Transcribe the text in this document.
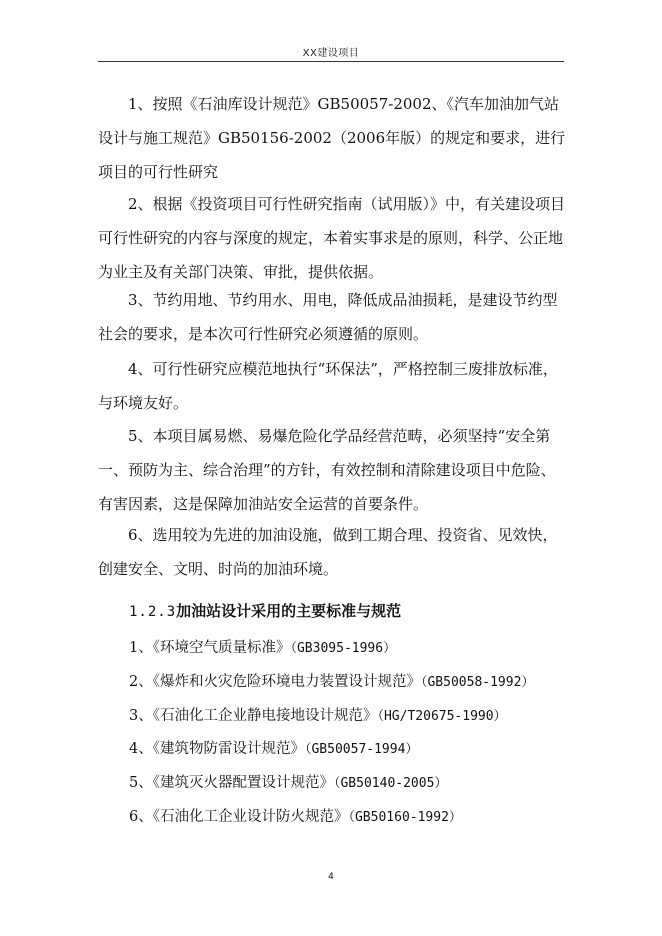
XX建设项目

1、按照《石油库设计规范》GB50057-2002、《汽车加油加气站设计与施工规范》GB50156-2002（2006年版）的规定和要求，进行项目的可行性研究

2、根据《投资项目可行性研究指南（试用版）》中，有关建设项目可行性研究的内容与深度的规定，本着实事求是的原则，科学、公正地为业主及有关部门决策、审批，提供依据。

3、节约用地、节约用水、用电，降低成品油损耗，是建设节约型社会的要求，是本次可行性研究必须遵循的原则。

4、可行性研究应模范地执行“环保法”，严格控制三废排放标准，与环境友好。

5、本项目属易燃、易爆危险化学品经营范畴，必须坚持“安全第一、预防为主、综合治理”的方针，有效控制和清除建设项目中危险、有害因素，这是保障加油站安全运营的首要条件。

6、选用较为先进的加油设施，做到工期合理、投资省、见效快，创建安全、文明、时尚的加油环境。

1.2.3加油站设计采用的主要标准与规范
1、《环境空气质量标准》（GB3095-1996）
2、《爆炸和火灾危险环境电力装置设计规范》（GB50058-1992）
3、《石油化工企业静电接地设计规范》（HG/T20675-1990）
4、《建筑物防雷设计规范》（GB50057-1994）
5、《建筑灭火器配置设计规范》（GB50140-2005）
6、《石油化工企业设计防火规范》（GB50160-1992）
4
